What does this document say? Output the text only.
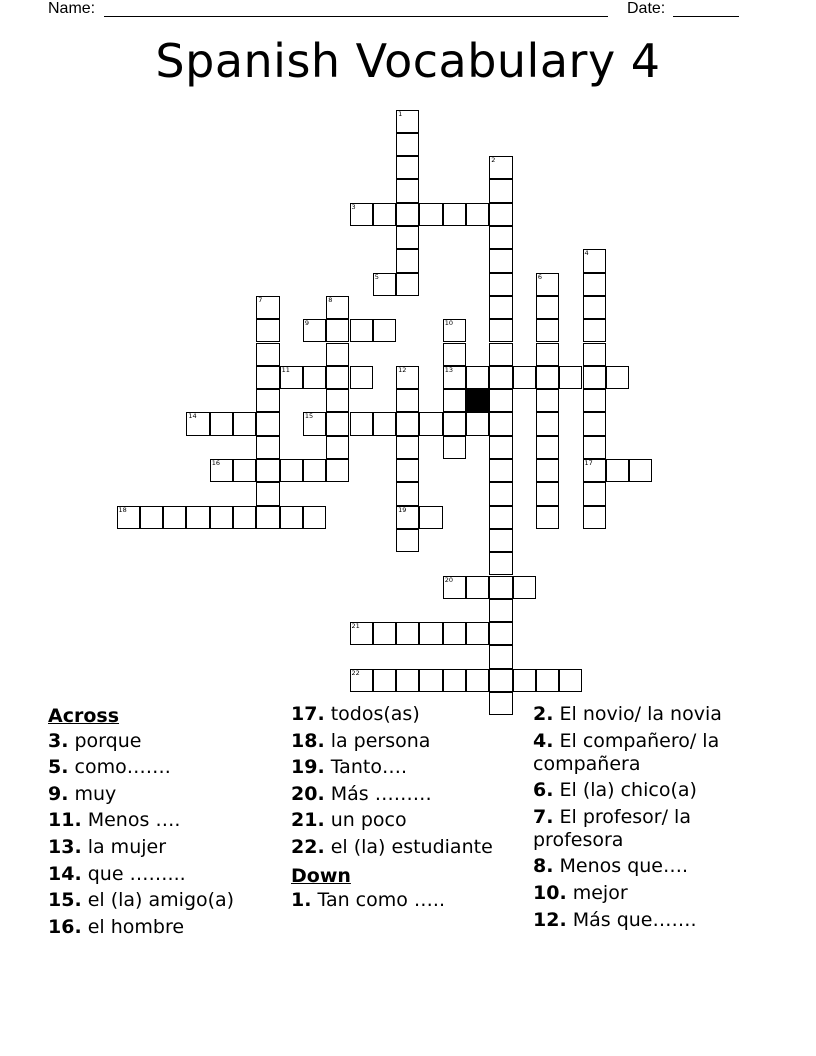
Name:	Date:
Spanish Vocabulary 4
1
2
3
4
17
5	6
7	8
9	10
13
11	12
19
14	15
16
18
20
21
22
Across
3. porque
5. como…….
9. muy
11. Menos ….
13. la mujer
14. que ……...
15. el (la) amigo(a)
16. el hombre
17. todos(as)
18. la persona
19. Tanto….
20. Más ………
21. un poco
22. el (la) estudiante
Down
1. Tan como …..
2. El novio/ la novia
4. El compañero/ la compañera
6. El (la) chico(a)
7. El profesor/ la profesora
8. Menos que….
10. mejor
12. Más que…….
